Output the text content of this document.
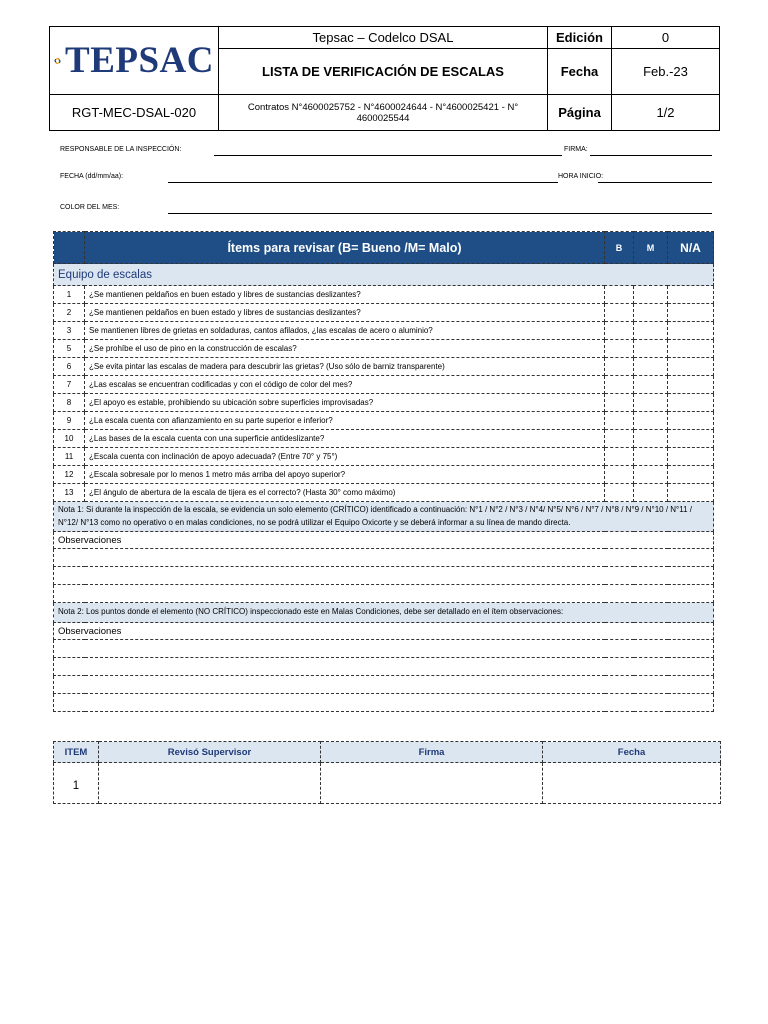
TEPSAC	Tepsac – Codelco DSAL	Edición	0
	LISTA DE VERIFICACIÓN DE ESCALAS	Fecha	Feb.-23
RGT-MEC-DSAL-020	Contratos N°4600025752 - N°4600024644 - N°4600025421 - N° 4600025544	Página	1/2
RESPONSABLE DE LA INSPECCIÓN:	FIRMA:
FECHA (dd/mm/aa):	HORA INICIO:
COLOR DEL MES:
	Ítems para revisar (B= Bueno /M= Malo)	B	M	N/A
Equipo de escalas				
1	¿Se mantienen peldaños en buen estado y libres de sustancias deslizantes?			
2	¿Se mantienen peldaños en buen estado y libres de sustancias deslizantes?			
3	Se mantienen libres de grietas en soldaduras, cantos afilados, ¿las escalas de acero o aluminio?			
5	¿Se prohíbe el uso de pino en la construcción de escalas?			
6	¿Se evita pintar las escalas de madera para descubrir las grietas? (Uso sólo de barniz transparente)			
7	¿Las escalas se encuentran codificadas y con el código de color del mes?			
8	¿El apoyo es estable, prohibiendo su ubicación sobre superficies improvisadas?			
9	¿La escala cuenta con afianzamiento en su parte superior e inferior?			
10	¿Las bases de la escala cuenta con una superficie antideslizante?			
11	¿Escala cuenta con inclinación de apoyo adecuada? (Entre 70° y 75°)			
12	¿Escala sobresale por lo menos 1 metro más arriba del apoyo superior?			
13	¿El ángulo de abertura de la escala de tijera es el correcto? (Hasta 30° como máximo)			
Nota 1: Si durante la inspección de la escala, se evidencia un solo elemento (CRÍTICO) identificado a continuación: N°1 / N°2 / N°3 / N°4/ N°5/ N°6 / N°7 / N°8 / N°9 / N°10 / N°11 / N°12/ N°13 como no operativo o en malas condiciones, no se podrá utilizar el Equipo Oxicorte y se deberá informar a su línea de mando directa.				
Observaciones				

Nota 2: Los puntos donde el elemento (NO CRÍTICO) inspeccionado este en Malas Condiciones, debe ser detallado en el ítem observaciones:				
Observaciones				

ITEM	Revisó Supervisor	Firma	Fecha
1			
